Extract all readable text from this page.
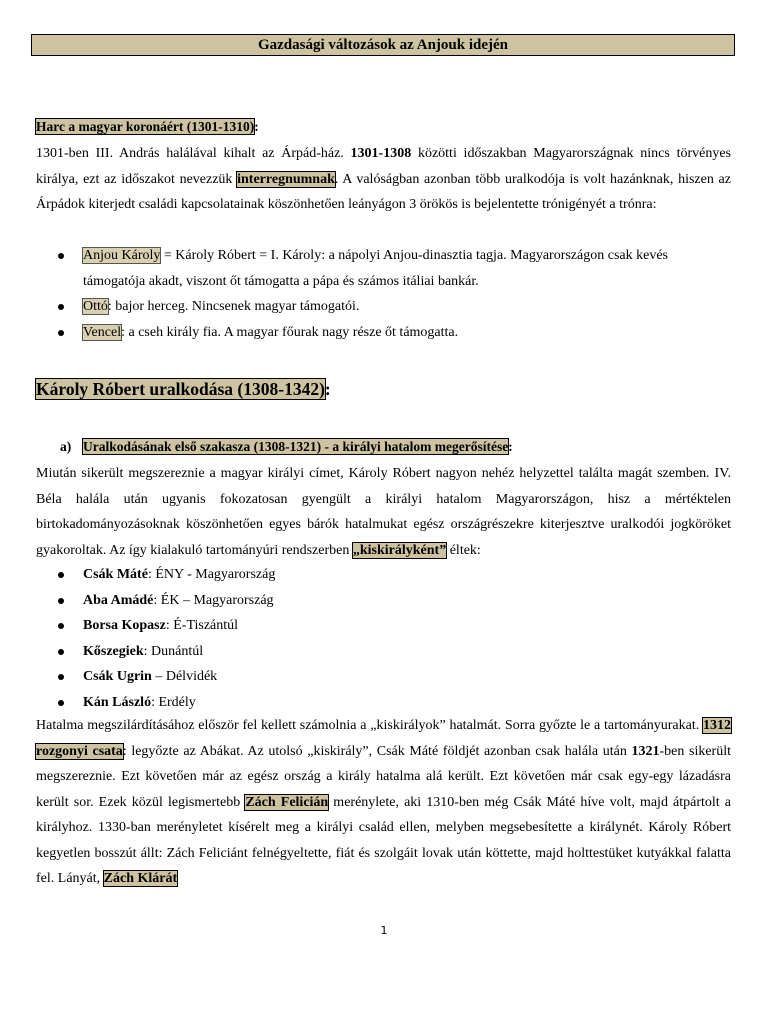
Gazdasági változások az Anjouk idején
Harc a magyar koronáért (1301-1310):
1301-ben III. András halálával kihalt az Árpád-ház. 1301-1308 közötti időszakban Magyarországnak nincs törvényes királya, ezt az időszakot nevezzük interregnumnak. A valóságban azonban több uralkodója is volt hazánknak, hiszen az Árpádok kiterjedt családi kapcsolatainak köszönhetően leányágon 3 örökös is bejelentette trónigényét a trónra:
Anjou Károly = Károly Róbert = I. Károly: a nápolyi Anjou-dinasztia tagja. Magyarországon csak kevés támogatója akadt, viszont őt támogatta a pápa és számos itáliai bankár.
Ottó: bajor herceg. Nincsenek magyar támogatói.
Vencel: a cseh király fia. A magyar főurak nagy része őt támogatta.
Károly Róbert uralkodása (1308-1342):
a) Uralkodásának első szakasza (1308-1321) - a királyi hatalom megerősítése:
Miután sikerült megszereznie a magyar királyi címet, Károly Róbert nagyon nehéz helyzettel találta magát szemben. IV. Béla halála után ugyanis fokozatosan gyengült a királyi hatalom Magyarországon, hisz a mértéktelen birtokadományozásoknak köszönhetően egyes bárók hatalmukat egész országrészekre kiterjesztve uralkodói jogköröket gyakoroltak. Az így kialakuló tartományúri rendszerben „kiskirályként” éltek:
Csák Máté: ÉNY - Magyarország
Aba Amádé: ÉK – Magyarország
Borsa Kopasz: É-Tiszántúl
Kőszegiek: Dunántúl
Csák Ugrin – Délvidék
Kán László: Erdély
Hatalma megszilárdításához először fel kellett számolnia a „kiskirályok” hatalmát. Sorra győzte le a tartományurakat. 1312 rozgonyi csata: legyőzte az Abákat. Az utolsó „kiskirály”, Csák Máté földjét azonban csak halála után 1321-ben sikerült megszereznie. Ezt követően már az egész ország a király hatalma alá került. Ezt követően már csak egy-egy lázadásra került sor. Ezek közül legismertebb Zách Felicián merénylete, aki 1310-ben még Csák Máté híve volt, majd átpártolt a királyhoz. 1330-ban merényletet kísérelt meg a királyi család ellen, melyben megsebesítette a királynét. Károly Róbert kegyetlen bosszút állt: Zách Feliciánt felnégyeltette, fiát és szolgáit lovak után köttette, majd holttestüket kutyákkal falatta fel. Lányát, Zách Klárát
1
